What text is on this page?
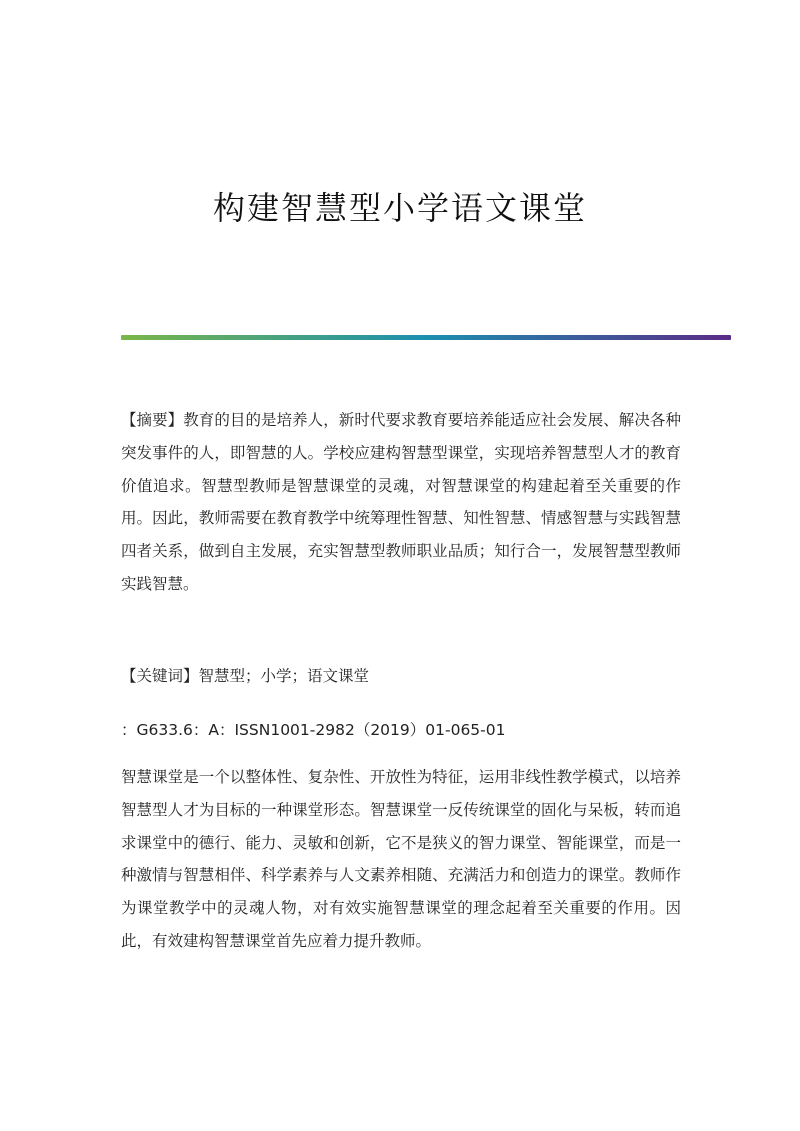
构建智慧型小学语文课堂

【摘要】教育的目的是培养人，新时代要求教育要培养能适应社会发展、解决各种突发事件的人，即智慧的人。学校应建构智慧型课堂，实现培养智慧型人才的教育价值追求。智慧型教师是智慧课堂的灵魂，对智慧课堂的构建起着至关重要的作用。因此，教师需要在教育教学中统筹理性智慧、知性智慧、情感智慧与实践智慧四者关系，做到自主发展，充实智慧型教师职业品质；知行合一，发展智慧型教师实践智慧。

【关键词】智慧型；小学；语文课堂

：G633.6：A：ISSN1001-2982（2019）01-065-01

智慧课堂是一个以整体性、复杂性、开放性为特征，运用非线性教学模式，以培养智慧型人才为目标的一种课堂形态。智慧课堂一反传统课堂的固化与呆板，转而追求课堂中的德行、能力、灵敏和创新，它不是狭义的智力课堂、智能课堂，而是一种激情与智慧相伴、科学素养与人文素养相随、充满活力和创造力的课堂。教师作为课堂教学中的灵魂人物，对有效实施智慧课堂的理念起着至关重要的作用。因此，有效建构智慧课堂首先应着力提升教师。
